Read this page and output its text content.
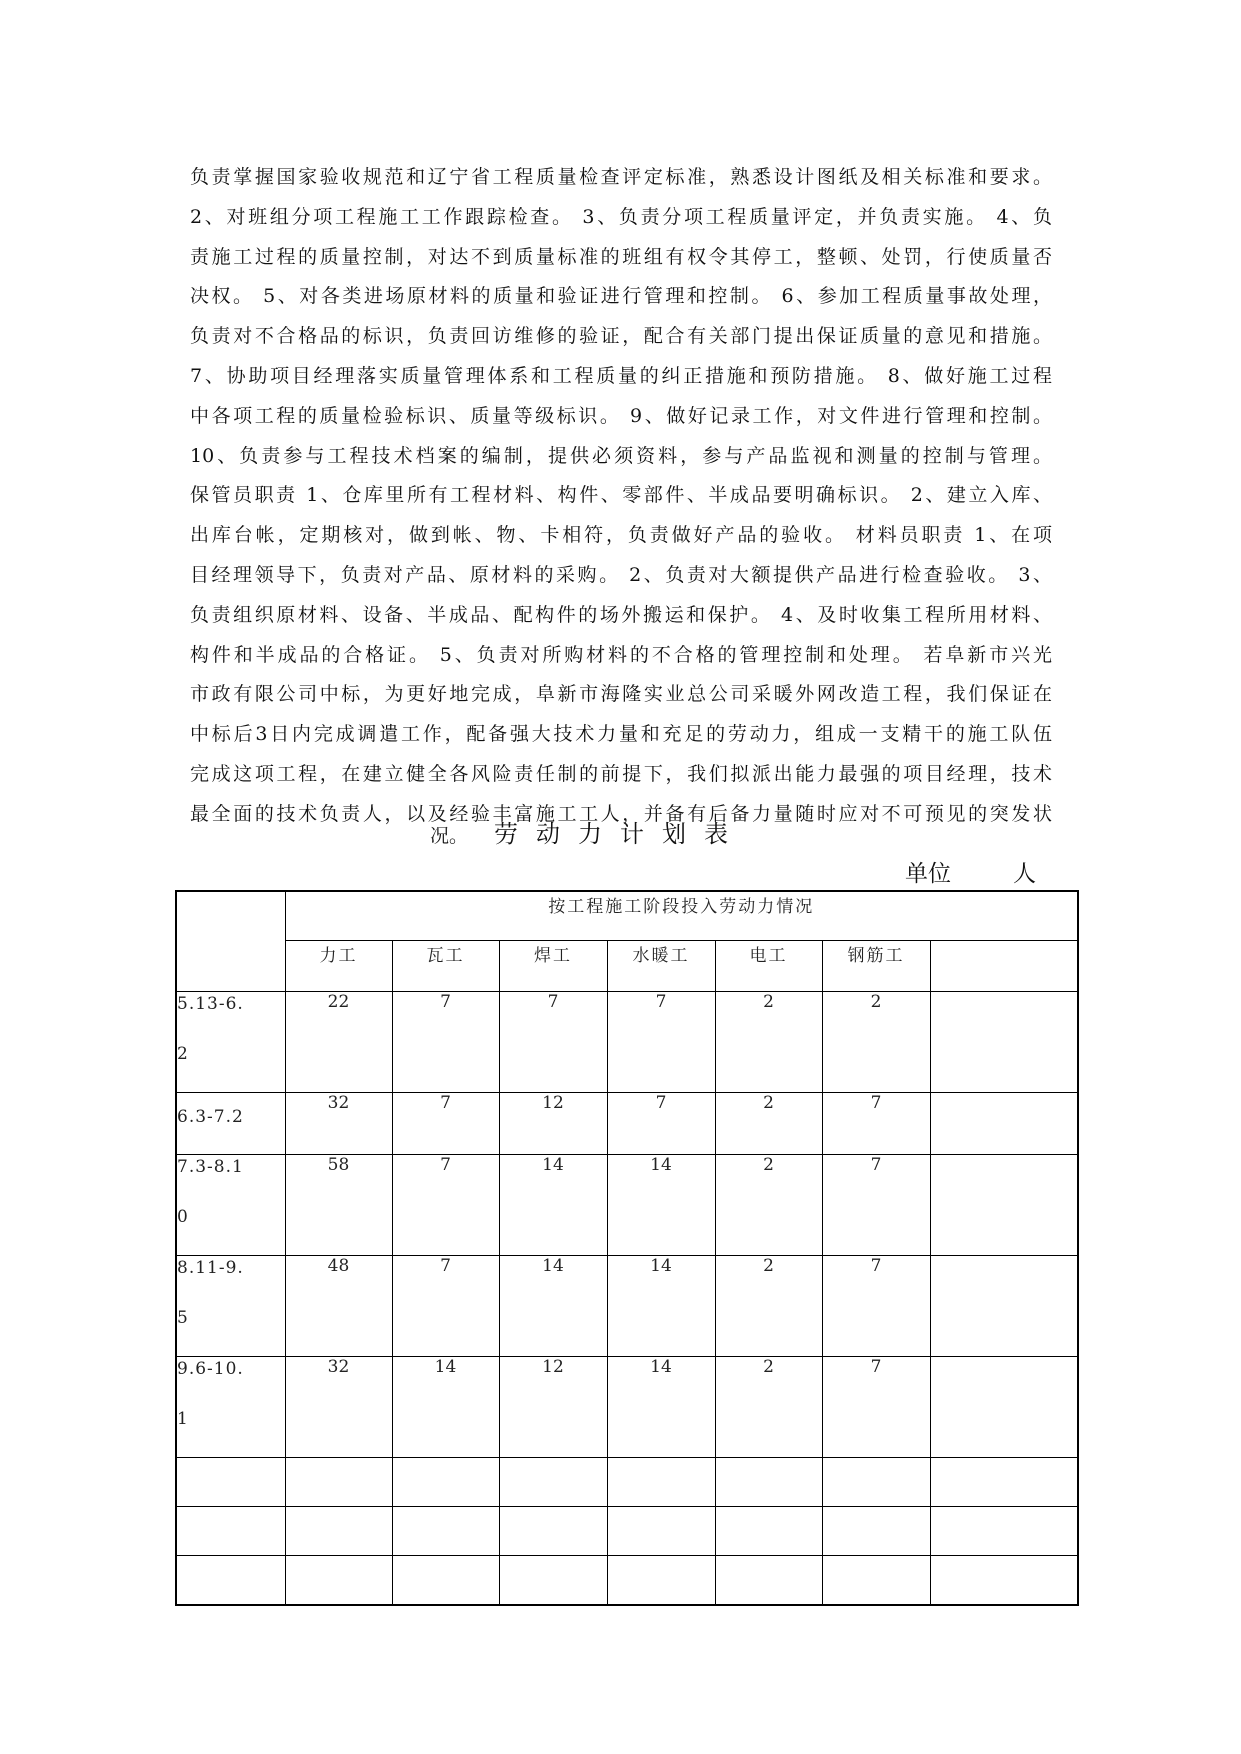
负责掌握国家验收规范和辽宁省工程质量检查评定标准，熟悉设计图纸及相关标准和要求。
2、对班组分项工程施工工作跟踪检查。 3、负责分项工程质量评定，并负责实施。 4、负
责施工过程的质量控制，对达不到质量标准的班组有权令其停工，整顿、处罚，行使质量否
决权。 5、对各类进场原材料的质量和验证进行管理和控制。 6、参加工程质量事故处理，
负责对不合格品的标识，负责回访维修的验证，配合有关部门提出保证质量的意见和措施。
7、协助项目经理落实质量管理体系和工程质量的纠正措施和预防措施。 8、做好施工过程
中各项工程的质量检验标识、质量等级标识。 9、做好记录工作，对文件进行管理和控制。
10、负责参与工程技术档案的编制，提供必须资料，参与产品监视和测量的控制与管理。
保管员职责 1、仓库里所有工程材料、构件、零部件、半成品要明确标识。 2、建立入库、
出库台帐，定期核对，做到帐、物、卡相符，负责做好产品的验收。 材料员职责 1、在项
目经理领导下，负责对产品、原材料的采购。 2、负责对大额提供产品进行检查验收。 3、
负责组织原材料、设备、半成品、配构件的场外搬运和保护。 4、及时收集工程所用材料、
构件和半成品的合格证。 5、负责对所购材料的不合格的管理控制和处理。 若阜新市兴光
市政有限公司中标，为更好地完成，阜新市海隆实业总公司采暖外网改造工程，我们保证在
中标后3日内完成调遣工作，配备强大技术力量和充足的劳动力，组成一支精干的施工队伍
完成这项工程，在建立健全各风险责任制的前提下，我们拟派出能力最强的项目经理，技术
最全面的技术负责人，以及经验丰富施工工人，并备有后备力量随时应对不可预见的突发状
况。 劳动力计划表
单位	人
	按工程施工阶段投入劳动力情况						
	力工	瓦工	焊工	水暖工	电工	钢筋工	

5.13-6.
2	22	7	7	7	2	2	
6.3-7.2	32	7	12	7	2	7	

7.3-8.1
0	58	7	14	14	2	7	

8.11-9.
5	48	7	14	14	2	7	

9.6-10.
1	32	14	12	14	2	7	
